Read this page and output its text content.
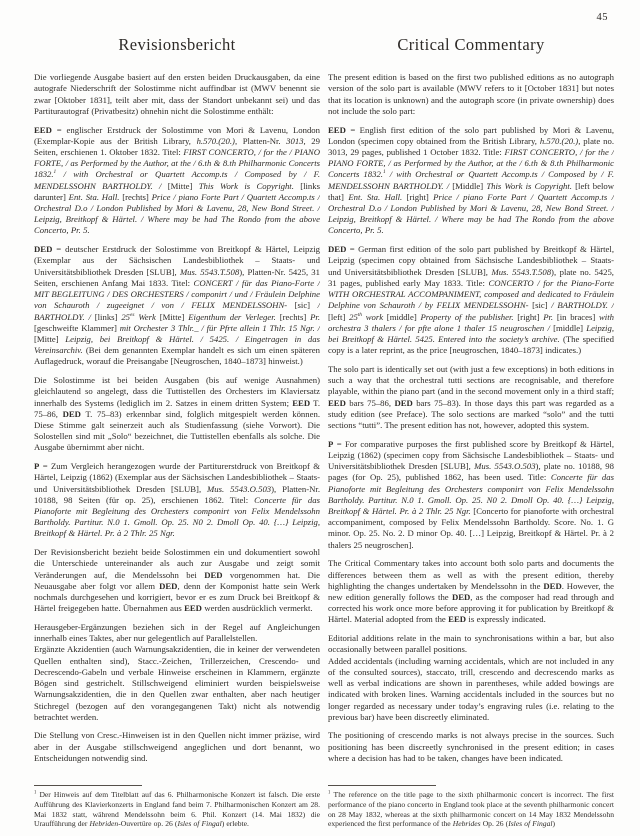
45
Revisionsbericht

Die vorliegende Ausgabe basiert auf den ersten beiden Druckausgaben, da eine autografe Niederschrift der Solostimme nicht auffindbar ist (MWV benennt sie zwar [Oktober 1831], teilt aber mit, dass der Standort unbekannt sei) und das Partiturautograf (Privatbesitz) ohnehin nicht die Solostimme enthält:

EED = englischer Erstdruck der Solostimme von Mori & Lavenu, London (Exemplar-Kopie aus der British Library, h.570.(20.), Platten-Nr. 3013, 29 Seiten, erschienen 1. Oktober 1832. Titel: FIRST CONCERTO, / for the / PIANO FORTE, / as Performed by the Author, at the / 6.th & 8.th Philharmonic Concerts 1832.$^1$ / with Orchestral or Quartett Accomp.ts / Composed by / F. MENDELSSOHN BARTHOLDY. / [Mitte] This Work is Copyright. [links darunter] Ent. Sta. Hall. [rechts] Price / piano Forte Part / Quartett Accomp.ts / Orchestral D.o / London Published by Mori & Lavenu, 28, New Bond Street. / Leipzig, Breitkopf & Härtel. / Where may be had The Rondo from the above Concerto, Pr. 5.

DED = deutscher Erstdruck der Solostimme von Breitkopf & Härtel, Leipzig (Exemplar aus der Sächsischen Landesbibliothek – Staats- und Universitätsbibliothek Dresden [SLUB], Mus. 5543.T.508), Platten-Nr. 5425, 31 Seiten, erschienen Anfang Mai 1833. Titel: CONCERT / für das Piano-Forte / MIT BEGLEITUNG / DES ORCHESTERS / componirt / und / Fräulein Delphine von Schauroth / zugeeignet / von / FELIX MENDELSSOHN- [sic] / BARTHOLDY. / [links] $25^{es}$ Werk [Mitte] Eigenthum der Verleger. [rechts] Pr. [geschweifte Klammer] mit Orchester 3 Thlr._ / für Pfrte allein 1 Thlr. 15 Ngr. / [Mitte] Leipzig, bei Breitkopf & Härtel. / 5425. / Eingetragen in das Vereinsarchiv. (Bei dem genannten Exemplar handelt es sich um einen späteren Auflagedruck, worauf die Preisangabe [Neugroschen, 1840–1873] hinweist.)

Die Solostimme ist bei beiden Ausgaben (bis auf wenige Ausnahmen) gleichlautend so angelegt, dass die Tuttistellen des Orchesters im Klaviersatz innerhalb des Systems (lediglich im 2. Satzes in einem dritten System; EED T. 75–86, DED T. 75–83) erkennbar sind, folglich mitgespielt werden können. Diese Stimme galt seinerzeit auch als Studienfassung (siehe Vorwort). Die Solostellen sind mit „Solo“ bezeichnet, die Tuttistellen ebenfalls als solche. Die Ausgabe übernimmt aber nicht.

P = Zum Vergleich herangezogen wurde der Partiturerstdruck von Breitkopf & Härtel, Leipzig (1862) (Exemplar aus der Sächsischen Landesbibliothek – Staats- und Universitätsbibliothek Dresden [SLUB], Mus. 5543.O.503), Platten-Nr. 10188, 98 Seiten (für op. 25), erschienen 1862. Titel: Concerte für das Pianoforte mit Begleitung des Orchesters componirt von Felix Mendelssohn Bartholdy. Partitur. N.0 1. Gmoll. Op. 25. N0 2. Dmoll Op. 40. {…} Leipzig, Breitkopf & Härtel. Pr. à 2 Thlr. 25 Ngr.

Der Revisionsbericht bezieht beide Solostimmen ein und dokumentiert sowohl die Unterschiede untereinander als auch zur Ausgabe und zeigt somit Veränderungen auf, die Mendelssohn bei DED vorgenommen hat. Die Neuausgabe aber folgt vor allem DED, denn der Komponist hatte sein Werk nochmals durchgesehen und korrigiert, bevor er es zum Druck bei Breitkopf & Härtel freigegeben hatte. Übernahmen aus EED werden ausdrücklich vermerkt.

Herausgeber-Ergänzungen beziehen sich in der Regel auf Angleichungen innerhalb eines Taktes, aber nur gelegentlich auf Parallelstellen.
Ergänzte Akzidentien (auch Warnungsakzidentien, die in keiner der verwendeten Quellen enthalten sind), Stacc.-Zeichen, Trillerzeichen, Crescendo- und Decrescendo-Gabeln und verbale Hinweise erscheinen in Klammern, ergänzte Bögen sind gestrichelt. Stillschweigend eliminiert wurden beispielsweise Warnungsakzidentien, die in den Quellen zwar enthalten, aber nach heutiger Stichregel (bezogen auf den vorangegangenen Takt) nicht als notwendig betrachtet werden.

Die Stellung von Cresc.-Hinweisen ist in den Quellen nicht immer präzise, wird aber in der Ausgabe stillschweigend angeglichen und dort benannt, wo Entscheidungen notwendig sind.

$^1$ Der Hinweis auf dem Titelblatt auf das 6. Philharmonische Konzert ist falsch. Die erste Aufführung des Klavierkonzerts in England fand beim 7. Philharmonischen Konzert am 28. Mai 1832 statt, während Mendelssohn beim 6. Phil. Konzert (14. Mai 1832) die Uraufführung der Hebriden-Ouvertüre op. 26 (Isles of Fingal) erlebte.

Critical Commentary

The present edition is based on the first two published editions as no autograph version of the solo part is available (MWV refers to it [October 1831] but notes that its location is unknown) and the autograph score (in private ownership) does not include the solo part:

EED = English first edition of the solo part published by Mori & Lavenu, London (specimen copy obtained from the British Library, h.570.(20.), plate no. 3013, 29 pages, published 1 October 1832. Title: FIRST CONCERTO, / for the / PIANO FORTE, / as Performed by the Author, at the / 6.th & 8.th Philharmonic Concerts 1832.$^1$ / with Orchestral or Quartett Accomp.ts / Composed by / F. MENDELSSOHN BARTHOLDY. / [Middle] This Work is Copyright. [left below that] Ent. Sta. Hall. [right] Price / piano Forte Part / Quartett Accomp.ts / Orchestral D.o / London Published by Mori & Lavenu, 28, New Bond Street. / Leipzig, Breitkopf & Härtel. / Where may be had The Rondo from the above Concerto, Pr. 5.

DED = German first edition of the solo part published by Breitkopf & Härtel, Leipzig (specimen copy obtained from Sächsische Landesbibliothek – Staats- und Universitätsbibliothek Dresden [SLUB], Mus. 5543.T.508), plate no. 5425, 31 pages, published early May 1833. Title: CONCERTO / for the Piano-Forte WITH ORCHESTRAL ACCOMPANIMENT, composed and dedicated to Fräulein Delphine von Schauroth / by FELIX MENDELSSOHN- [sic] / BARTHOLDY. / [left] 25th work [middle] Property of the publisher. [right] Pr. [in braces] with orchestra 3 thalers / for pfte alone 1 thaler 15 neugroschen / [middle] Leipzig, bei Breitkopf & Härtel. 5425. Entered into the society’s archive. (The specified copy is a later reprint, as the price [neugroschen, 1840–1873] indicates.)

The solo part is identically set out (with just a few exceptions) in both editions in such a way that the orchestral tutti sections are recognisable, and therefore playable, within the piano part (and in the second movement only in a third staff; EED bars 75–86, DED bars 75–83). In those days this part was regarded as a study edition (see Preface). The solo sections are marked “solo” and the tutti sections “tutti”. The present edition has not, however, adopted this system.

P = For comparative purposes the first published score by Breitkopf & Härtel, Leipzig (1862) (specimen copy from Sächsische Landesbibliothek – Staats- und Universitätsbibliothek Dresden [SLUB], Mus. 5543.O.503), plate no. 10188, 98 pages (for Op. 25), published 1862, has been used. Title: Concerte für das Pianoforte mit Begleitung des Orchesters componirt von Felix Mendelssohn Bartholdy. Partitur. N.0 1. Gmoll. Op. 25. N0 2. Dmoll Op. 40. {…} Leipzig, Breitkopf & Härtel. Pr. à 2 Thlr. 25 Ngr. [Concerto for pianoforte with orchestral accompaniment, composed by Felix Mendelssohn Bartholdy. Score. No. 1. G minor. Op. 25. No. 2. D minor Op. 40. […] Leipzig, Breitkopf & Härtel. Pr. à 2 thalers 25 neugroschen].

The Critical Commentary takes into account both solo parts and documents the differences between them as well as with the present edition, thereby highlighting the changes undertaken by Mendelssohn in the DED. However, the new edition generally follows the DED, as the composer had read through and corrected his work once more before approving it for publication by Breitkopf & Härtel. Material adopted from the EED is expressly indicated.

Editorial additions relate in the main to synchronisations within a bar, but also occasionally between parallel positions.
Added accidentals (including warning accidentals, which are not included in any of the consulted sources), staccato, trill, crescendo and decrescendo marks as well as verbal indications are shown in parentheses, while added bowings are indicated with broken lines. Warning accidentals included in the sources but no longer regarded as necessary under today’s engraving rules (i.e. relating to the previous bar) have been discreetly eliminated.

The positioning of crescendo marks is not always precise in the sources. Such positioning has been discreetly synchronised in the present edition; in cases where a decision has had to be taken, changes have been indicated.

$^1$ The reference on the title page to the sixth philharmonic concert is incorrect. The first performance of the piano concerto in England took place at the seventh philharmonic concert on 28 May 1832, whereas at the sixth philharmonic concert on 14 May 1832 Mendelssohn experienced the first performance of the Hebrides Op. 26 (Isles of Fingal)
